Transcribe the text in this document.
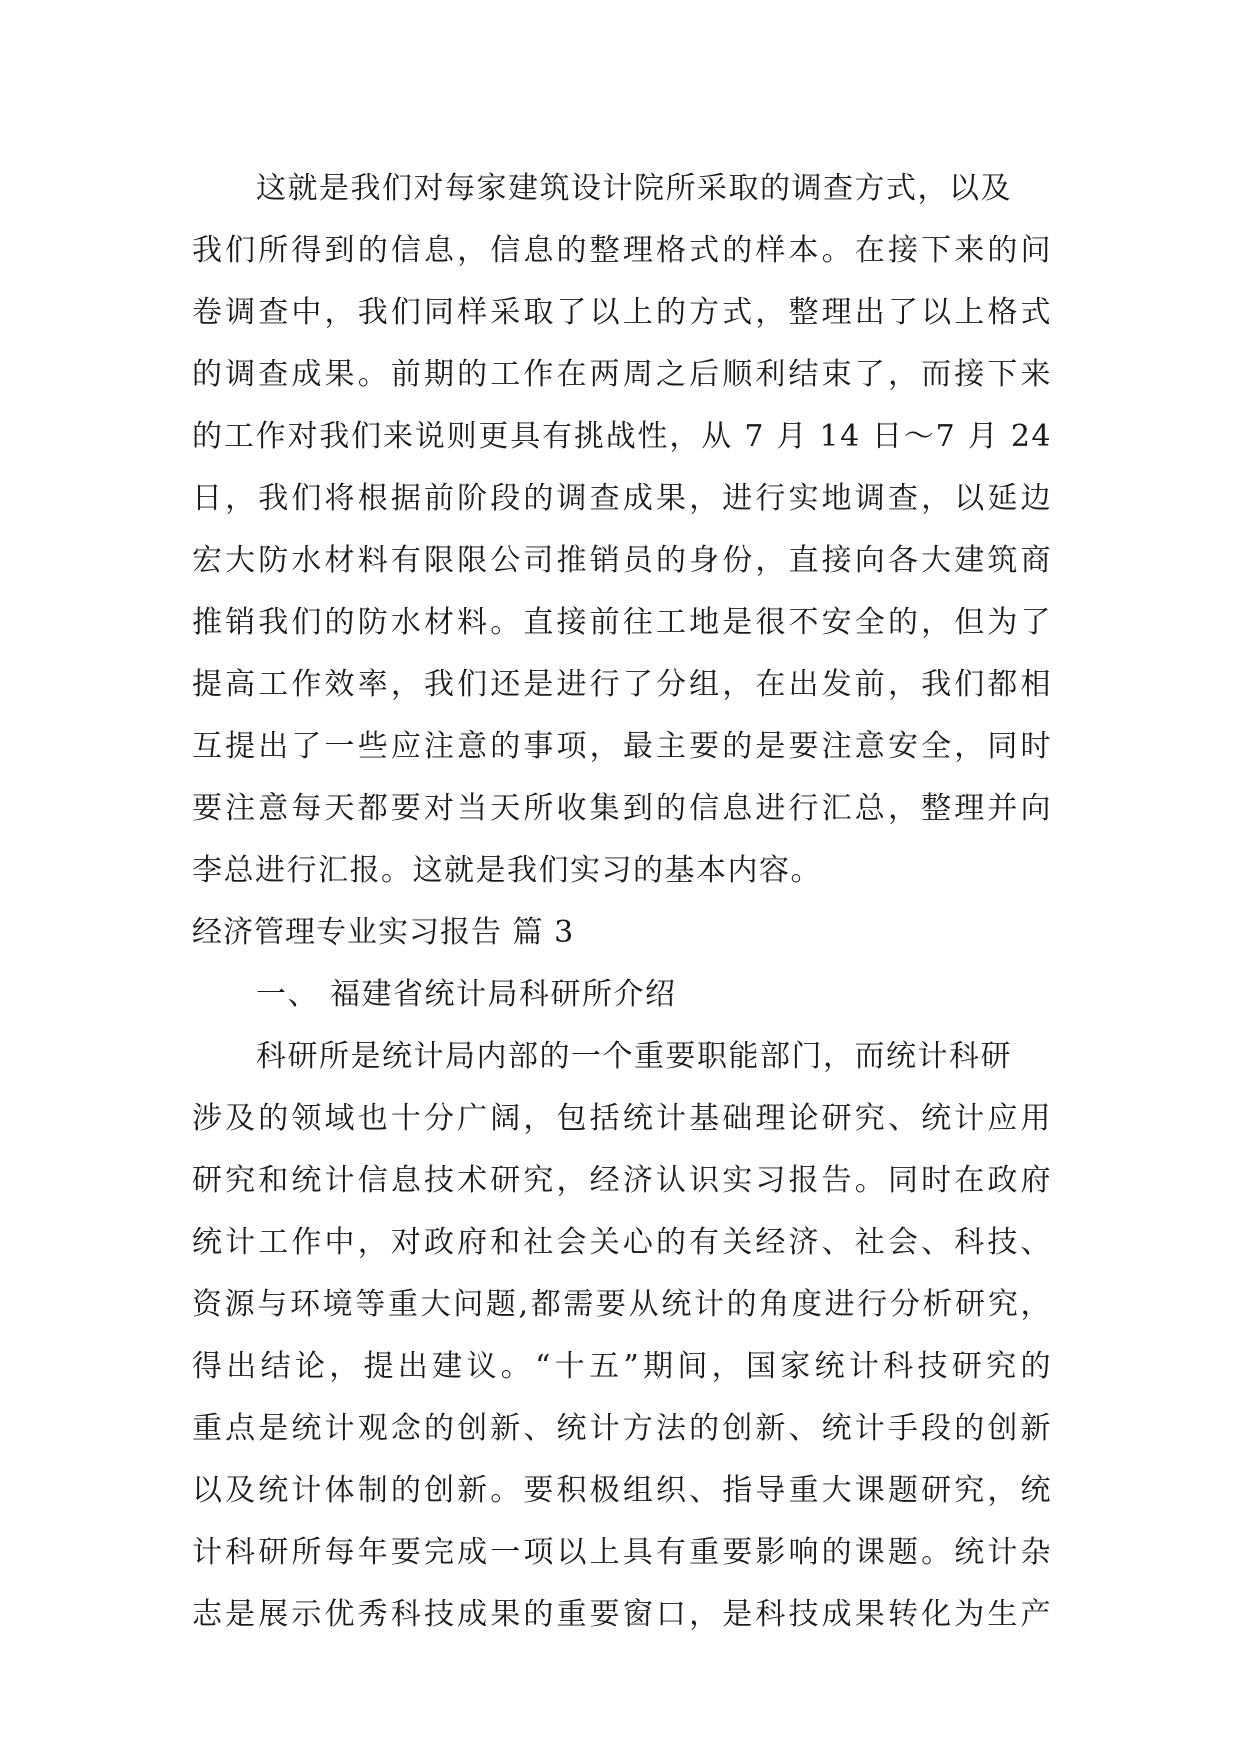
这就是我们对每家建筑设计院所采取的调查方式，以及
我们所得到的信息，信息的整理格式的样本。在接下来的问
卷调查中，我们同样采取了以上的方式，整理出了以上格式
的调查成果。前期的工作在两周之后顺利结束了，而接下来
的工作对我们来说则更具有挑战性，从 7 月 14 日～7 月 24
日，我们将根据前阶段的调查成果，进行实地调查，以延边
宏大防水材料有限限公司推销员的身份，直接向各大建筑商
推销我们的防水材料。直接前往工地是很不安全的，但为了
提高工作效率，我们还是进行了分组，在出发前，我们都相
互提出了一些应注意的事项，最主要的是要注意安全，同时
要注意每天都要对当天所收集到的信息进行汇总，整理并向
李总进行汇报。这就是我们实习的基本内容。
经济管理专业实习报告 篇 3
一、 福建省统计局科研所介绍
科研所是统计局内部的一个重要职能部门，而统计科研
涉及的领域也十分广阔，包括统计基础理论研究、统计应用
研究和统计信息技术研究，经济认识实习报告。同时在政府
统计工作中，对政府和社会关心的有关经济、社会、科技、
资源与环境等重大问题,都需要从统计的角度进行分析研究，
得出结论，提出建议。“十五”期间，国家统计科技研究的
重点是统计观念的创新、统计方法的创新、统计手段的创新
以及统计体制的创新。要积极组织、指导重大课题研究，统
计科研所每年要完成一项以上具有重要影响的课题。统计杂
志是展示优秀科技成果的重要窗口，是科技成果转化为生产
